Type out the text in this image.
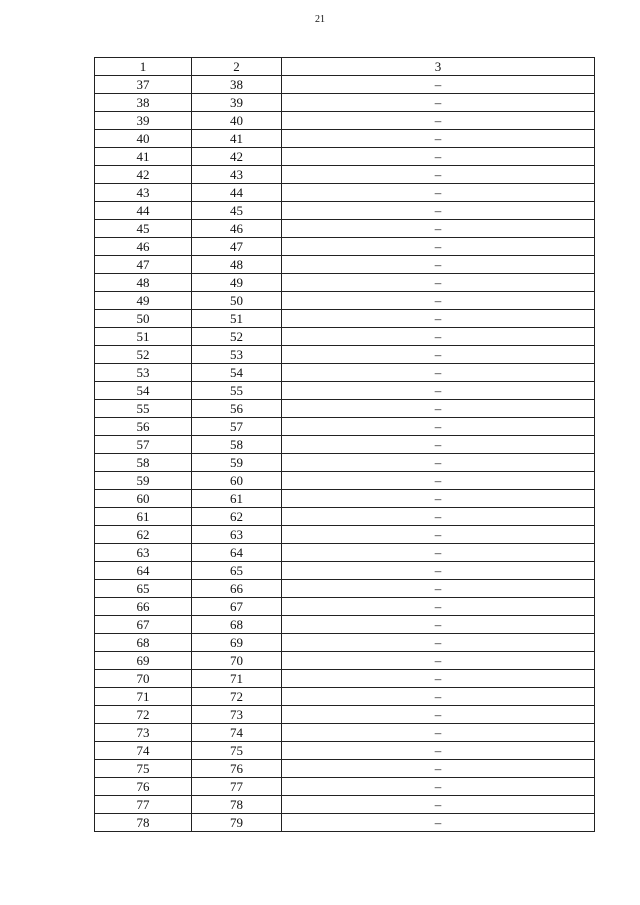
21
1	2	3
37	38	–
38	39	–
39	40	–
40	41	–
41	42	–
42	43	–
43	44	–
44	45	–
45	46	–
46	47	–
47	48	–
48	49	–
49	50	–
50	51	–
51	52	–
52	53	–
53	54	–
54	55	–
55	56	–
56	57	–
57	58	–
58	59	–
59	60	–
60	61	–
61	62	–
62	63	–
63	64	–
64	65	–
65	66	–
66	67	–
67	68	–
68	69	–
69	70	–
70	71	–
71	72	–
72	73	–
73	74	–
74	75	–
75	76	–
76	77	–
77	78	–
78	79	–
